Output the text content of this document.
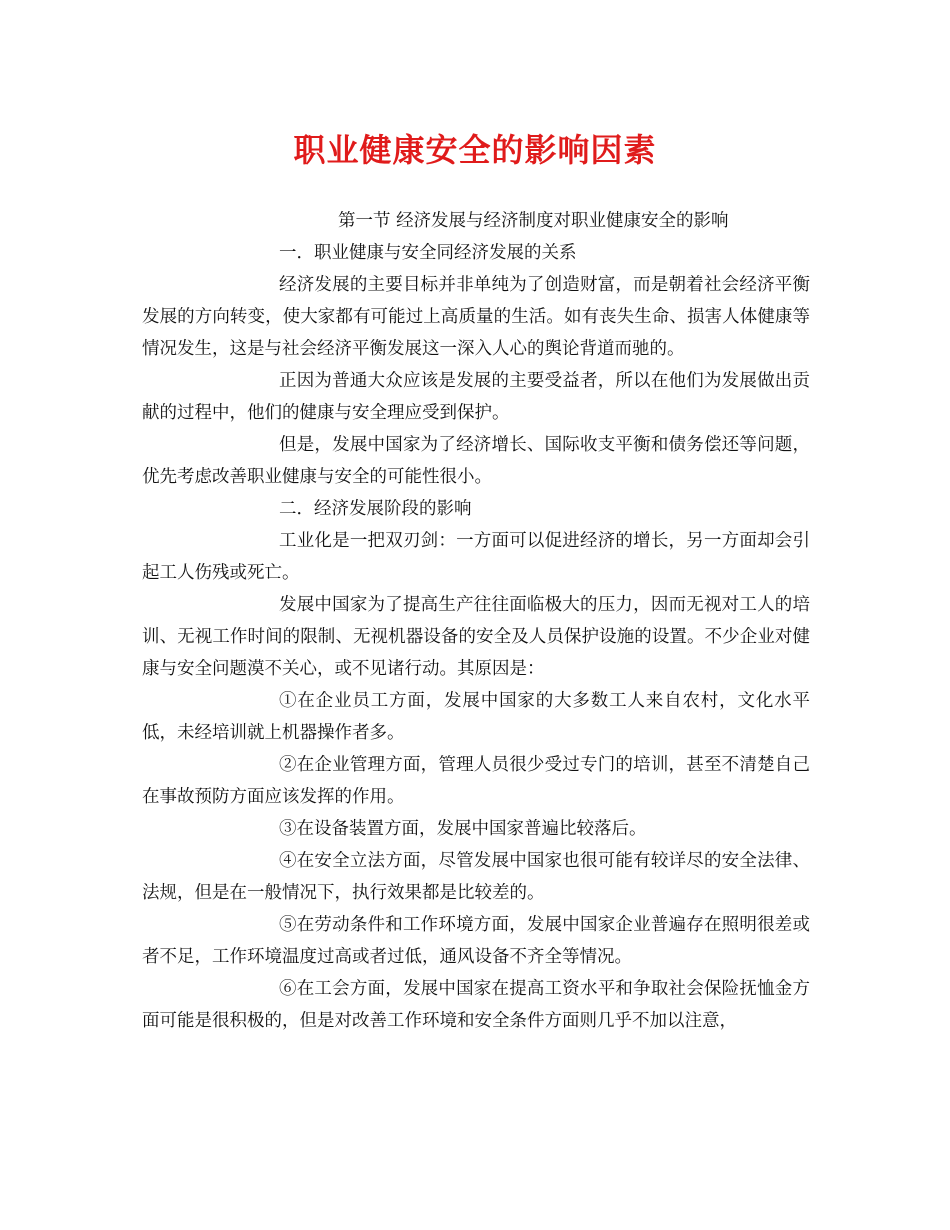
职业健康安全的影响因素

第一节 经济发展与经济制度对职业健康安全的影响

一．职业健康与安全同经济发展的关系

经济发展的主要目标并非单纯为了创造财富，而是朝着社会经济平衡发展的方向转变，使大家都有可能过上高质量的生活。如有丧失生命、损害人体健康等情况发生，这是与社会经济平衡发展这一深入人心的舆论背道而驰的。

正因为普通大众应该是发展的主要受益者，所以在他们为发展做出贡献的过程中，他们的健康与安全理应受到保护。

但是，发展中国家为了经济增长、国际收支平衡和债务偿还等问题，优先考虑改善职业健康与安全的可能性很小。

二．经济发展阶段的影响

工业化是一把双刃剑：一方面可以促进经济的增长，另一方面却会引起工人伤残或死亡。

发展中国家为了提高生产往往面临极大的压力，因而无视对工人的培训、无视工作时间的限制、无视机器设备的安全及人员保护设施的设置。不少企业对健康与安全问题漠不关心，或不见诸行动。其原因是：

①在企业员工方面，发展中国家的大多数工人来自农村，文化水平低，未经培训就上机器操作者多。

②在企业管理方面，管理人员很少受过专门的培训，甚至不清楚自己在事故预防方面应该发挥的作用。

③在设备装置方面，发展中国家普遍比较落后。

④在安全立法方面，尽管发展中国家也很可能有较详尽的安全法律、法规，但是在一般情况下，执行效果都是比较差的。

⑤在劳动条件和工作环境方面，发展中国家企业普遍存在照明很差或者不足，工作环境温度过高或者过低，通风设备不齐全等情况。

⑥在工会方面，发展中国家在提高工资水平和争取社会保险抚恤金方面可能是很积极的，但是对改善工作环境和安全条件方面则几乎不加以注意，
